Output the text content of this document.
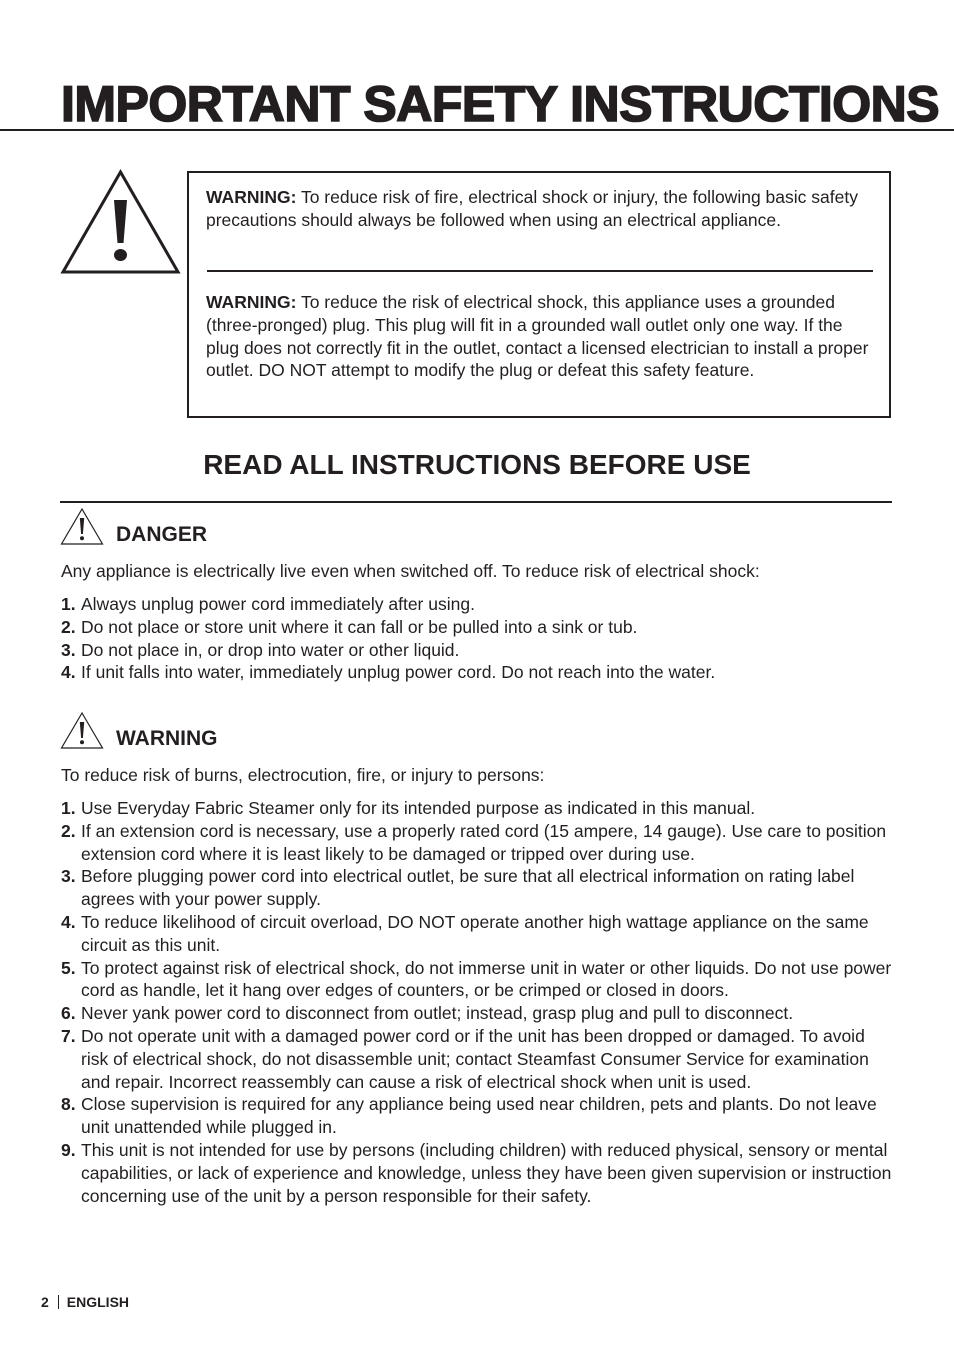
IMPORTANT SAFETY INSTRUCTIONS

WARNING: To reduce risk of fire, electrical shock or injury, the following basic safety precautions should always be followed when using an electrical appliance.

WARNING: To reduce the risk of electrical shock, this appliance uses a grounded (three-pronged) plug. This plug will fit in a grounded wall outlet only one way. If the plug does not correctly fit in the outlet, contact a licensed electrician to install a proper outlet. DO NOT attempt to modify the plug or defeat this safety feature.

READ ALL INSTRUCTIONS BEFORE USE
DANGER

Any appliance is electrically live even when switched off. To reduce risk of electrical shock:

1. Always unplug power cord immediately after using.
2. Do not place or store unit where it can fall or be pulled into a sink or tub.
3. Do not place in, or drop into water or other liquid.
4. If unit falls into water, immediately unplug power cord. Do not reach into the water.
WARNING

To reduce risk of burns, electrocution, fire, or injury to persons:

1. Use Everyday Fabric Steamer only for its intended purpose as indicated in this manual.
2. If an extension cord is necessary, use a properly rated cord (15 ampere, 14 gauge). Use care to position extension cord where it is least likely to be damaged or tripped over during use.
3. Before plugging power cord into electrical outlet, be sure that all electrical information on rating label agrees with your power supply.
4. To reduce likelihood of circuit overload, DO NOT operate another high wattage appliance on the same circuit as this unit.
5. To protect against risk of electrical shock, do not immerse unit in water or other liquids. Do not use power cord as handle, let it hang over edges of counters, or be crimped or closed in doors.
6. Never yank power cord to disconnect from outlet; instead, grasp plug and pull to disconnect.
7. Do not operate unit with a damaged power cord or if the unit has been dropped or damaged. To avoid risk of electrical shock, do not disassemble unit; contact Steamfast Consumer Service for examination and repair. Incorrect reassembly can cause a risk of electrical shock when unit is used.
8. Close supervision is required for any appliance being used near children, pets and plants. Do not leave unit unattended while plugged in.
9. This unit is not intended for use by persons (including children) with reduced physical, sensory or mental capabilities, or lack of experience and knowledge, unless they have been given supervision or instruction concerning use of the unit by a person responsible for their safety.
2 ENGLISH
